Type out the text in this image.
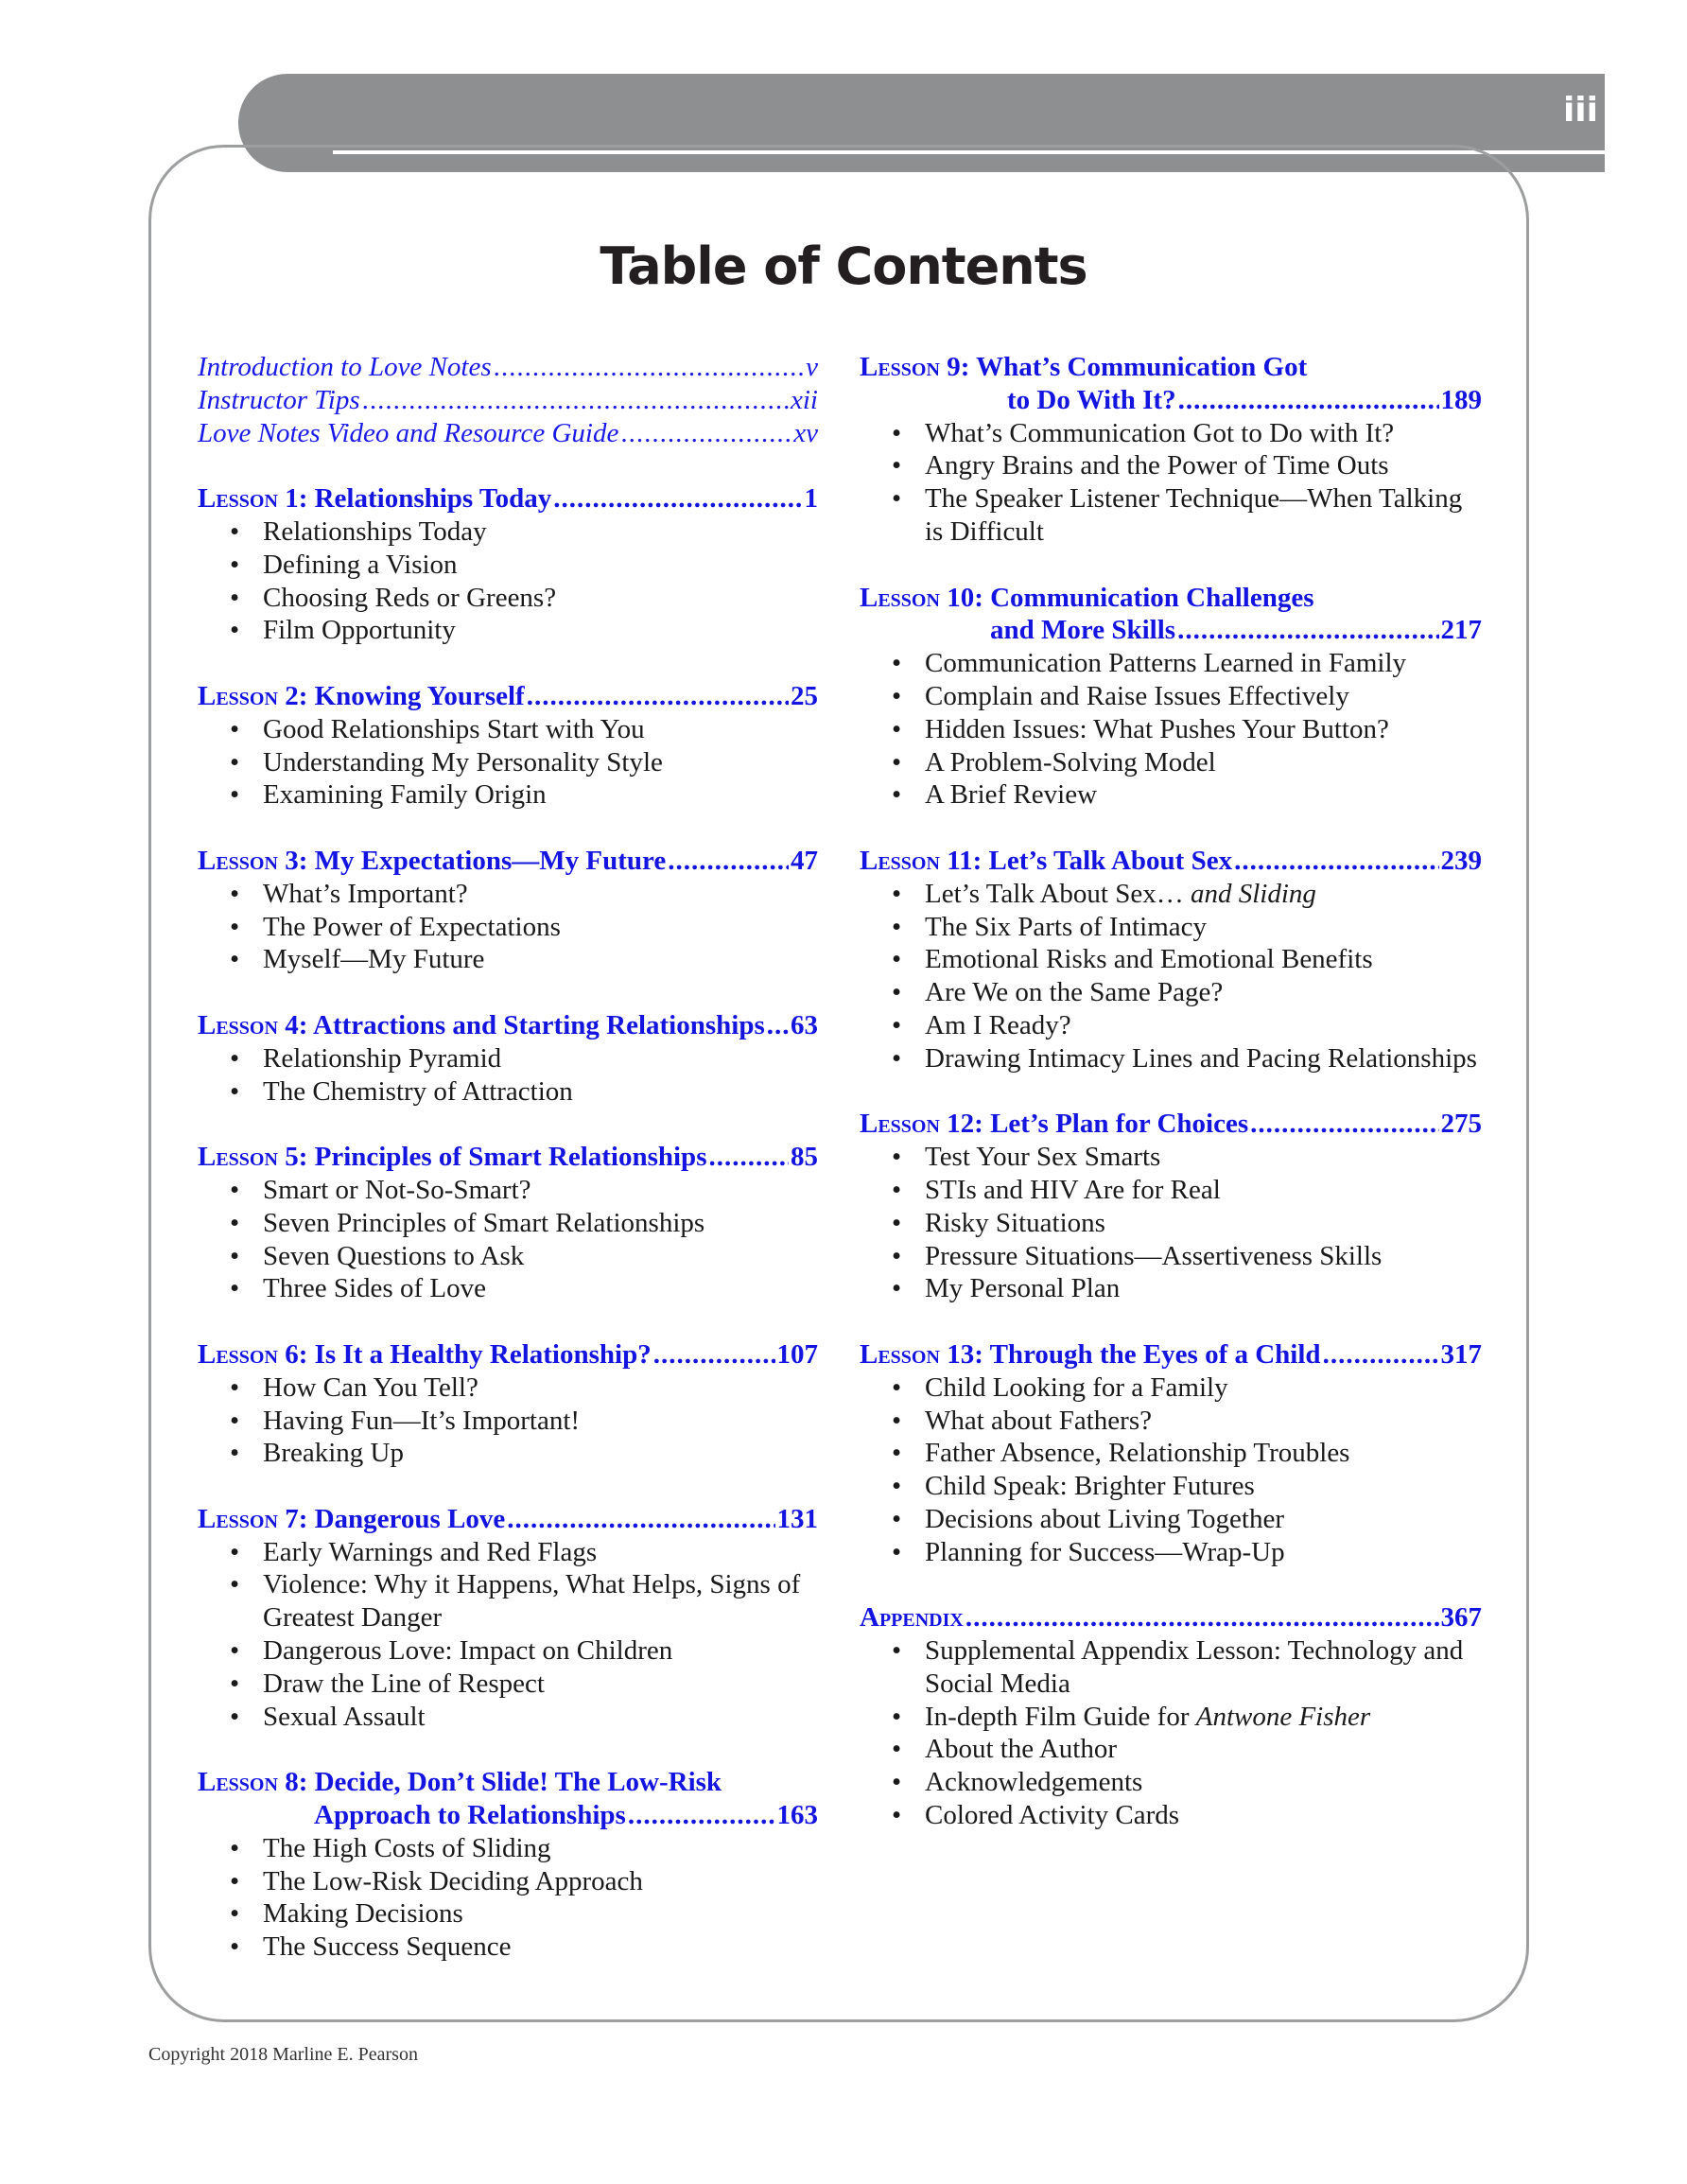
iii
Table of Contents
Introduction to Love Notes .....	v
Instructor Tips .....	xii
Love Notes Video and Resource Guide .....	xv
Lesson 1: Relationships Today .....	1
• Relationships Today
• Defining a Vision
• Choosing Reds or Greens?
• Film Opportunity
Lesson 2: Knowing Yourself .....	25
• Good Relationships Start with You
• Understanding My Personality Style
• Examining Family Origin
Lesson 3: My Expectations—My Future .....	47
• What’s Important?
• The Power of Expectations
• Myself—My Future
Lesson 4: Attractions and Starting Relationships ..... 63
• Relationship Pyramid
• The Chemistry of Attraction
Lesson 5: Principles of Smart Relationships .....	85
• Smart or Not-So-Smart?
• Seven Principles of Smart Relationships
• Seven Questions to Ask
• Three Sides of Love
Lesson 6: Is It a Healthy Relationship? .....	107
• How Can You Tell?
• Having Fun—It’s Important!
• Breaking Up
Lesson 7: Dangerous Love .....	131
• Early Warnings and Red Flags
• Violence: Why it Happens, What Helps, Signs of Greatest Danger
• Dangerous Love: Impact on Children
• Draw the Line of Respect
• Sexual Assault
Lesson 8: Decide, Don’t Slide! The Low-Risk
Approach to Relationships .....	163
• The High Costs of Sliding
• The Low-Risk Deciding Approach
• Making Decisions
• The Success Sequence
Lesson 9: What’s Communication Got
to Do With It? .....	189
• What’s Communication Got to Do with It?
• Angry Brains and the Power of Time Outs
• The Speaker Listener Technique—When Talking is Difficult
Lesson 10: Communication Challenges
and More Skills .....	217
• Communication Patterns Learned in Family
• Complain and Raise Issues Effectively
• Hidden Issues: What Pushes Your Button?
• A Problem-Solving Model
• A Brief Review
Lesson 11: Let’s Talk About Sex .....	239
• Let’s Talk About Sex… and Sliding
• The Six Parts of Intimacy
• Emotional Risks and Emotional Benefits
• Are We on the Same Page?
• Am I Ready?
• Drawing Intimacy Lines and Pacing Relationships
Lesson 12: Let’s Plan for Choices .....	275
• Test Your Sex Smarts
• STIs and HIV Are for Real
• Risky Situations
• Pressure Situations—Assertiveness Skills
• My Personal Plan
Lesson 13: Through the Eyes of a Child .....	317
• Child Looking for a Family
• What about Fathers?
• Father Absence, Relationship Troubles
• Child Speak: Brighter Futures
• Decisions about Living Together
• Planning for Success—Wrap-Up
Appendix .....	367
• Supplemental Appendix Lesson: Technology and Social Media
• In-depth Film Guide for Antwone Fisher
• About the Author
• Acknowledgements
• Colored Activity Cards
Copyright 2018 Marline E. Pearson
